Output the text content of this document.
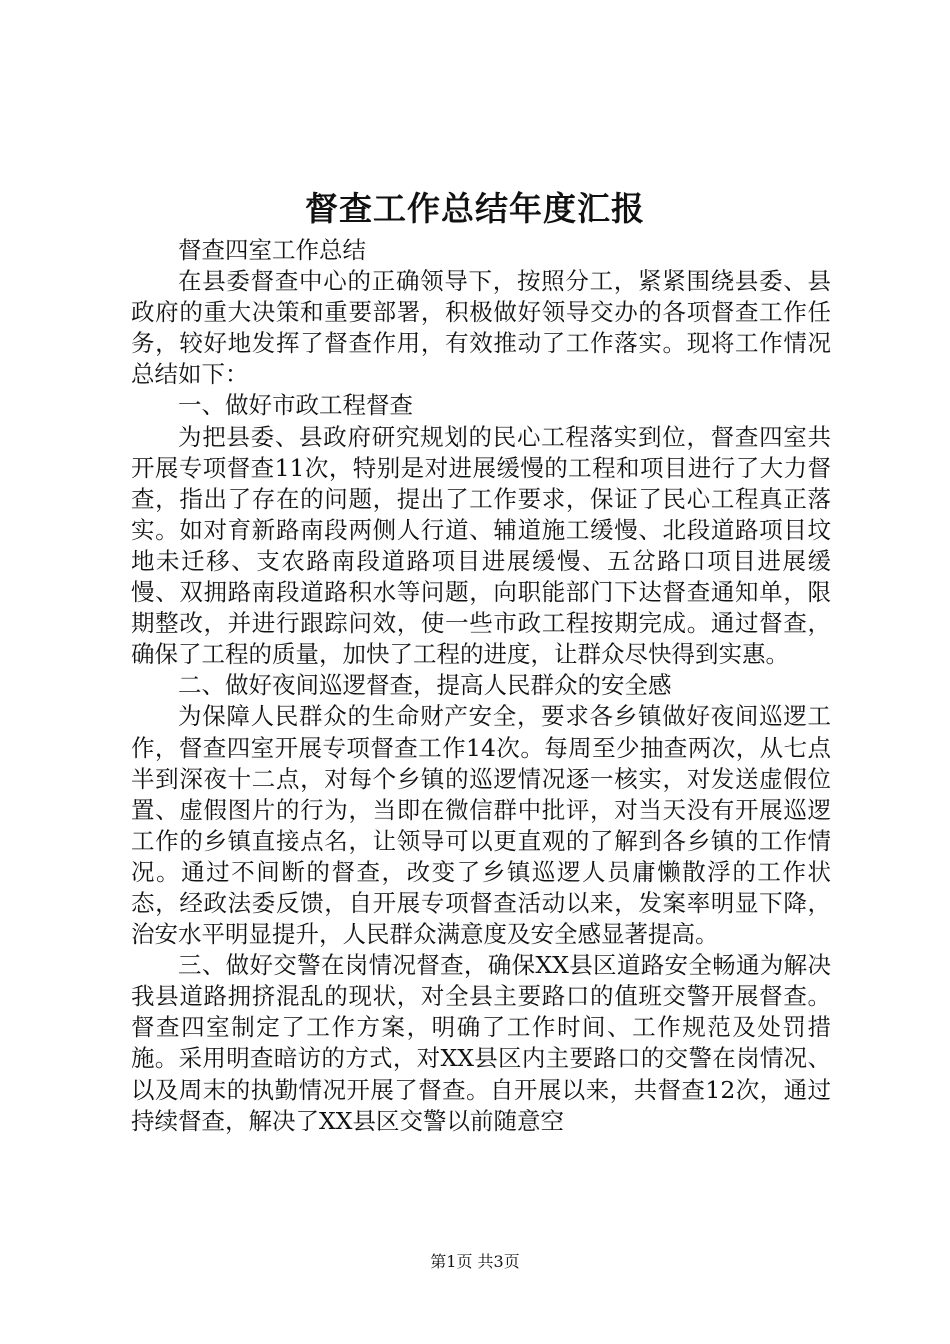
督查工作总结年度汇报

督查四室工作总结

在县委督查中心的正确领导下，按照分工，紧紧围绕县委、县政府的重大决策和重要部署，积极做好领导交办的各项督查工作任务，较好地发挥了督查作用，有效推动了工作落实。现将工作情况总结如下：

一、做好市政工程督查

为把县委、县政府研究规划的民心工程落实到位，督查四室共开展专项督查11次，特别是对进展缓慢的工程和项目进行了大力督查，指出了存在的问题，提出了工作要求，保证了民心工程真正落实。如对育新路南段两侧人行道、辅道施工缓慢、北段道路项目坟地未迁移、支农路南段道路项目进展缓慢、五岔路口项目进展缓慢、双拥路南段道路积水等问题，向职能部门下达督查通知单，限期整改，并进行跟踪问效，使一些市政工程按期完成。通过督查，确保了工程的质量，加快了工程的进度，让群众尽快得到实惠。

二、做好夜间巡逻督查，提高人民群众的安全感

为保障人民群众的生命财产安全，要求各乡镇做好夜间巡逻工作，督查四室开展专项督查工作14次。每周至少抽查两次，从七点半到深夜十二点，对每个乡镇的巡逻情况逐一核实，对发送虚假位置、虚假图片的行为，当即在微信群中批评，对当天没有开展巡逻工作的乡镇直接点名，让领导可以更直观的了解到各乡镇的工作情况。通过不间断的督查，改变了乡镇巡逻人员庸懒散浮的工作状态，经政法委反馈，自开展专项督查活动以来，发案率明显下降，治安水平明显提升，人民群众满意度及安全感显著提高。

三、做好交警在岗情况督查，确保XX县区道路安全畅通为解决我县道路拥挤混乱的现状，对全县主要路口的值班交警开展督查。督查四室制定了工作方案，明确了工作时间、工作规范及处罚措施。采用明查暗访的方式，对XX县区内主要路口的交警在岗情况、以及周末的执勤情况开展了督查。自开展以来，共督查12次，通过持续督查，解决了XX县区交警以前随意空

第1页 共3页
